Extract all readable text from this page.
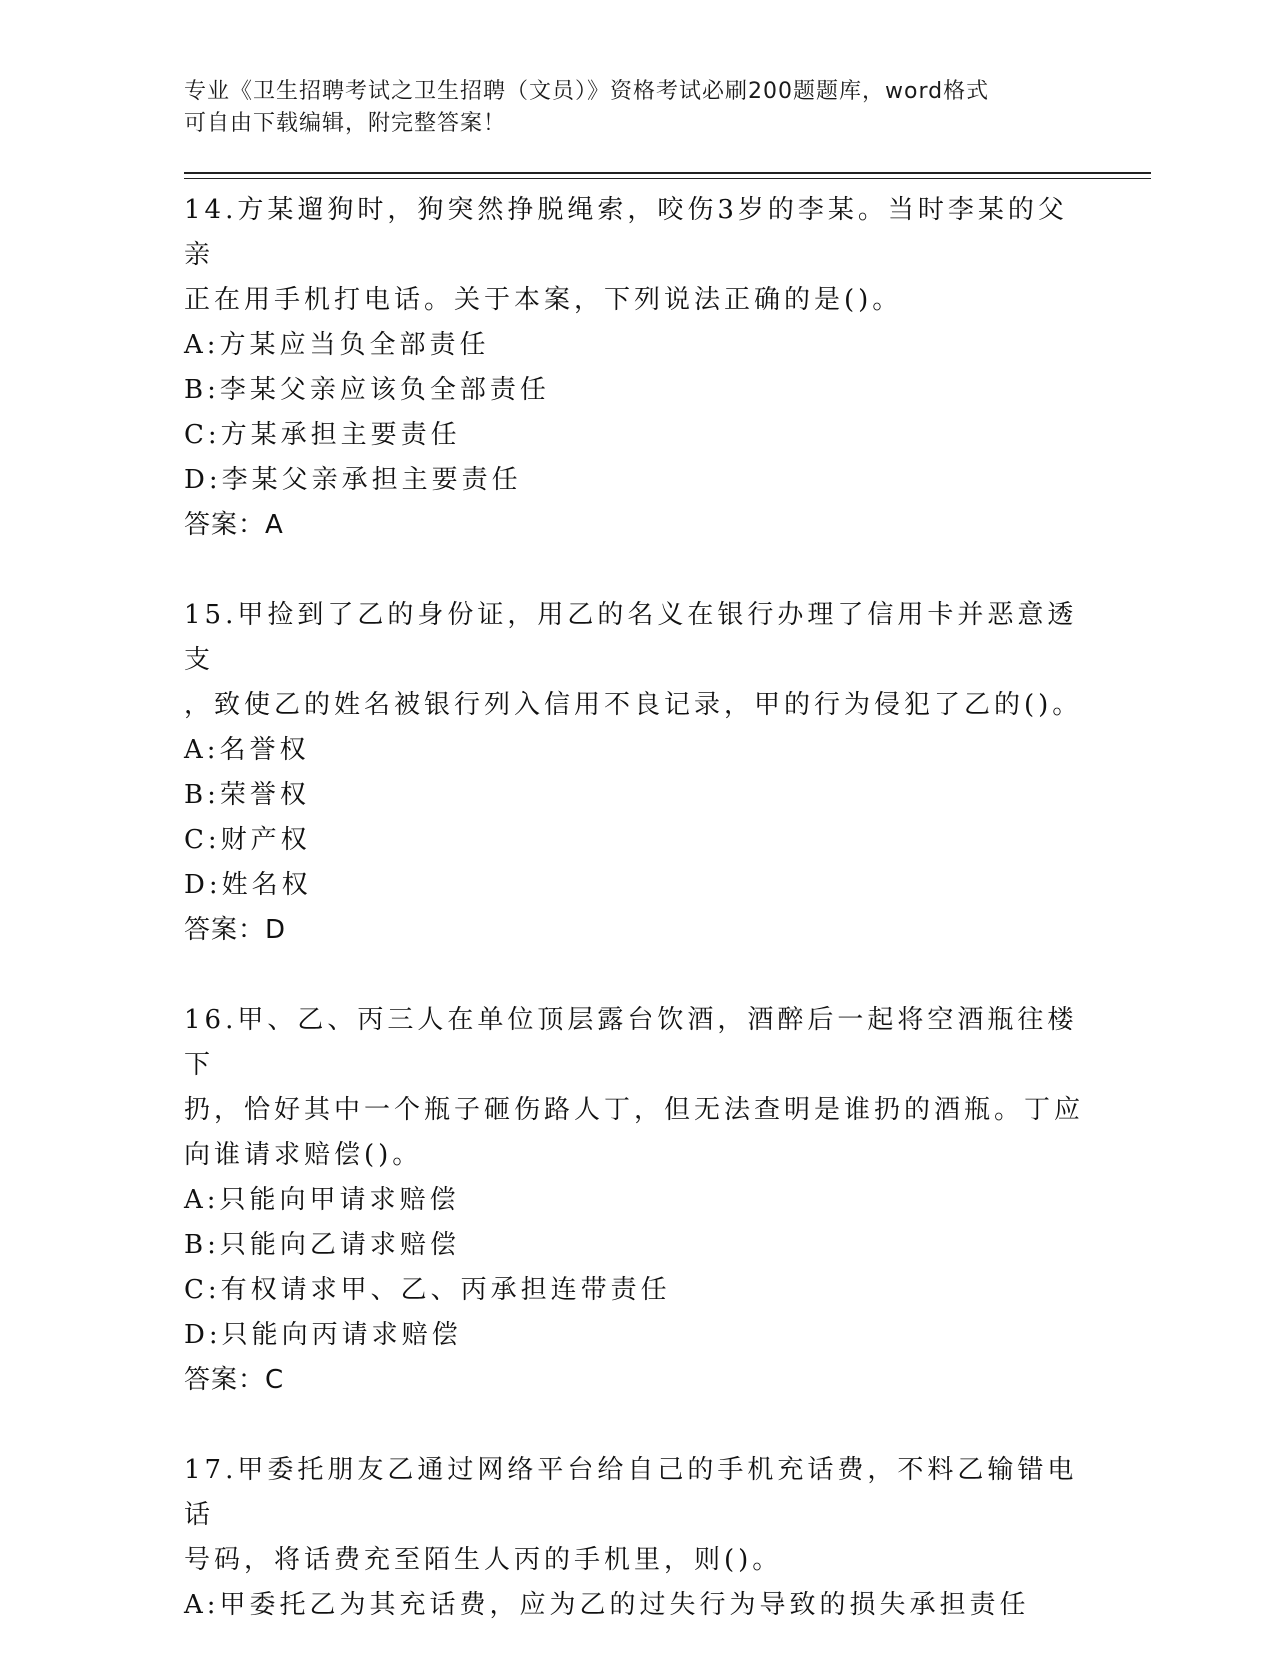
专业《卫生招聘考试之卫生招聘（文员）》资格考试必刷200题题库，word格式
可自由下载编辑，附完整答案！

14.方某遛狗时，狗突然挣脱绳索，咬伤3岁的李某。当时李某的父亲

正在用手机打电话。关于本案，下列说法正确的是()。

A:方某应当负全部责任

B:李某父亲应该负全部责任

C:方某承担主要责任

D:李某父亲承担主要责任

答案：A

15.甲捡到了乙的身份证，用乙的名义在银行办理了信用卡并恶意透支

，致使乙的姓名被银行列入信用不良记录，甲的行为侵犯了乙的()。

A:名誉权

B:荣誉权

C:财产权

D:姓名权

答案：D

16.甲、乙、丙三人在单位顶层露台饮酒，酒醉后一起将空酒瓶往楼下

扔，恰好其中一个瓶子砸伤路人丁，但无法查明是谁扔的酒瓶。丁应

向谁请求赔偿()。

A:只能向甲请求赔偿

B:只能向乙请求赔偿

C:有权请求甲、乙、丙承担连带责任

D:只能向丙请求赔偿

答案：C

17.甲委托朋友乙通过网络平台给自己的手机充话费，不料乙输错电话

号码，将话费充至陌生人丙的手机里，则()。

A:甲委托乙为其充话费，应为乙的过失行为导致的损失承担责任
